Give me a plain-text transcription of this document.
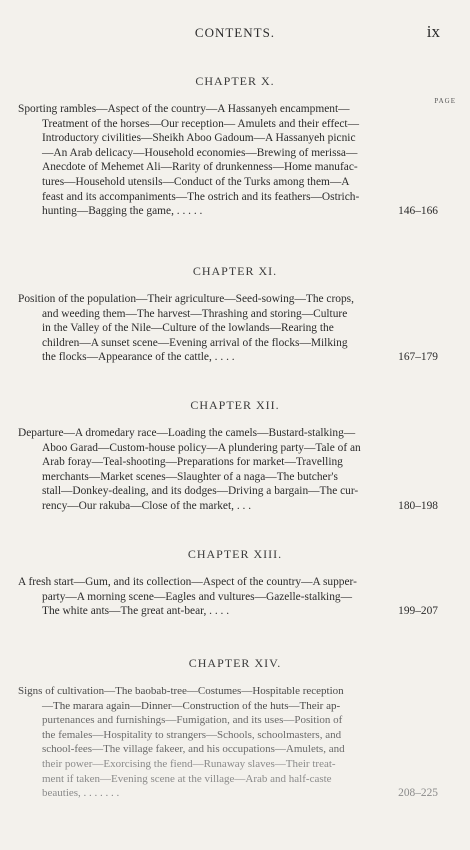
CONTENTS.	ix
PAGE
CHAPTER X.
Sporting rambles—Aspect of the country—A Hassanyeh encampment—
Treatment of the horses—Our reception— Amulets and their effect—
Introductory civilities—Sheikh Aboo Gadoum—A Hassanyeh picnic
—An Arab delicacy—Household economies—Brewing of merissa—
Anecdote of Mehemet Ali—Rarity of drunkenness—Home manufac-
tures—Household utensils—Conduct of the Turks among them—A
feast and its accompaniments—The ostrich and its feathers—Ostrich-
hunting—Bagging the game, . . . . .	146–166
CHAPTER XI.
Position of the population—Their agriculture—Seed-sowing—The crops,
and weeding them—The harvest—Thrashing and storing—Culture
in the Valley of the Nile—Culture of the lowlands—Rearing the
children—A sunset scene—Evening arrival of the flocks—Milking
the flocks—Appearance of the cattle, . . . .	167–179
CHAPTER XII.
Departure—A dromedary race—Loading the camels—Bustard-stalking—
Aboo Garad—Custom-house policy—A plundering party—Tale of an
Arab foray—Teal-shooting—Preparations for market—Travelling
merchants—Market scenes—Slaughter of a naga—The butcher's
stall—Donkey-dealing, and its dodges—Driving a bargain—The cur-
rency—Our rakuba—Close of the market, . . .	180–198
CHAPTER XIII.
A fresh start—Gum, and its collection—Aspect of the country—A supper-
party—A morning scene—Eagles and vultures—Gazelle-stalking—
The white ants—The great ant-bear, . . . .	199–207
CHAPTER XIV.
Signs of cultivation—The baobab-tree—Costumes—Hospitable reception
—The marara again—Dinner—Construction of the huts—Their ap-
purtenances and furnishings—Fumigation, and its uses—Position of
the females—Hospitality to strangers—Schools, schoolmasters, and
school-fees—The village fakeer, and his occupations—Amulets, and
their power—Exorcising the fiend—Runaway slaves—Their treat-
ment if taken—Evening scene at the village—Arab and half-caste
beauties, . . . . . . .	208–225
